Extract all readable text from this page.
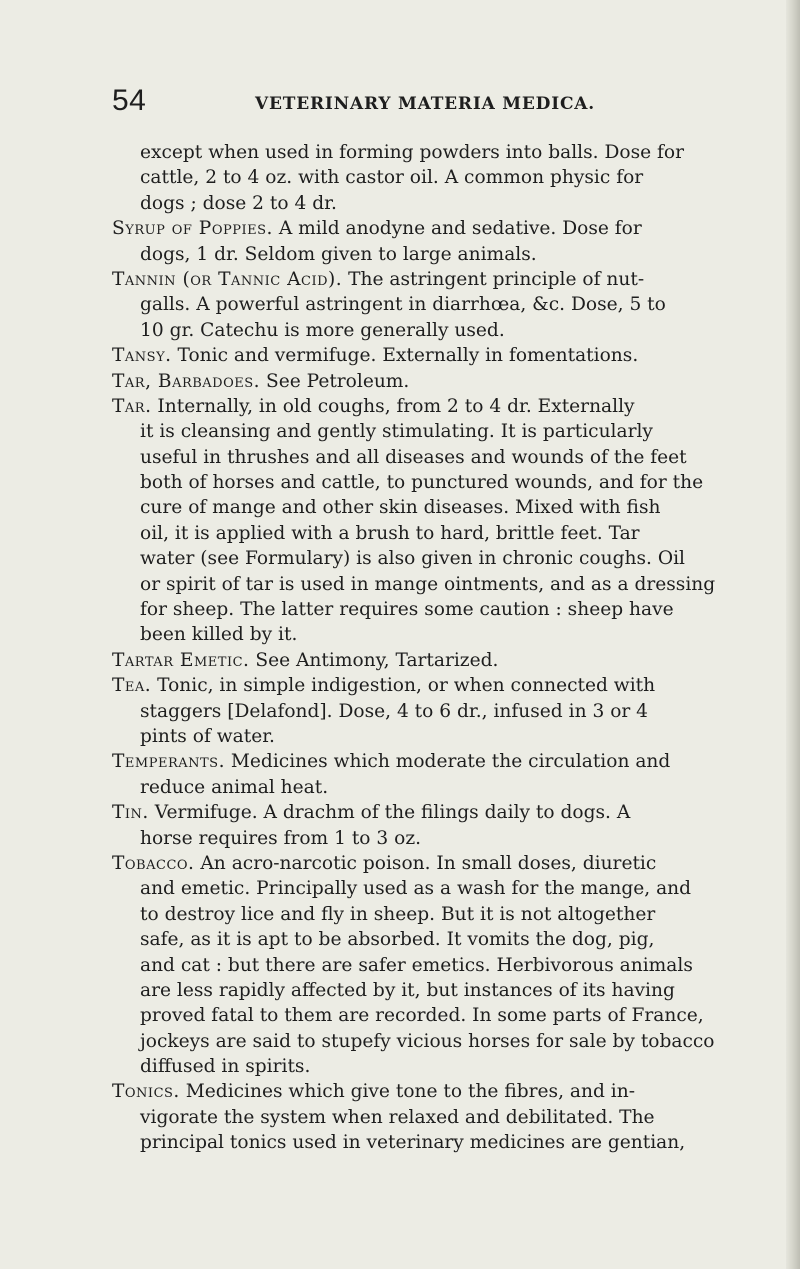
54	VETERINARY MATERIA MEDICA.
except when used in forming powders into balls. Dose for
cattle, 2 to 4 oz. with castor oil. A common physic for
dogs ; dose 2 to 4 dr.
Syrup of Poppies. A mild anodyne and sedative. Dose for
dogs, 1 dr. Seldom given to large animals.
Tannin (or Tannic Acid). The astringent principle of nut-
galls. A powerful astringent in diarrhœa, &c. Dose, 5 to
10 gr. Catechu is more generally used.
Tansy. Tonic and vermifuge. Externally in fomentations.
Tar, Barbadoes. See Petroleum.
Tar. Internally, in old coughs, from 2 to 4 dr. Externally
it is cleansing and gently stimulating. It is particularly
useful in thrushes and all diseases and wounds of the feet
both of horses and cattle, to punctured wounds, and for the
cure of mange and other skin diseases. Mixed with fish
oil, it is applied with a brush to hard, brittle feet. Tar
water (see Formulary) is also given in chronic coughs. Oil
or spirit of tar is used in mange ointments, and as a dressing
for sheep. The latter requires some caution : sheep have
been killed by it.
Tartar Emetic. See Antimony, Tartarized.
Tea. Tonic, in simple indigestion, or when connected with
staggers [Delafond]. Dose, 4 to 6 dr., infused in 3 or 4
pints of water.
Temperants. Medicines which moderate the circulation and
reduce animal heat.
Tin. Vermifuge. A drachm of the filings daily to dogs. A
horse requires from 1 to 3 oz.
Tobacco. An acro-narcotic poison. In small doses, diuretic
and emetic. Principally used as a wash for the mange, and
to destroy lice and fly in sheep. But it is not altogether
safe, as it is apt to be absorbed. It vomits the dog, pig,
and cat : but there are safer emetics. Herbivorous animals
are less rapidly affected by it, but instances of its having
proved fatal to them are recorded. In some parts of France,
jockeys are said to stupefy vicious horses for sale by tobacco
diffused in spirits.
Tonics. Medicines which give tone to the fibres, and in-
vigorate the system when relaxed and debilitated. The
principal tonics used in veterinary medicines are gentian,
